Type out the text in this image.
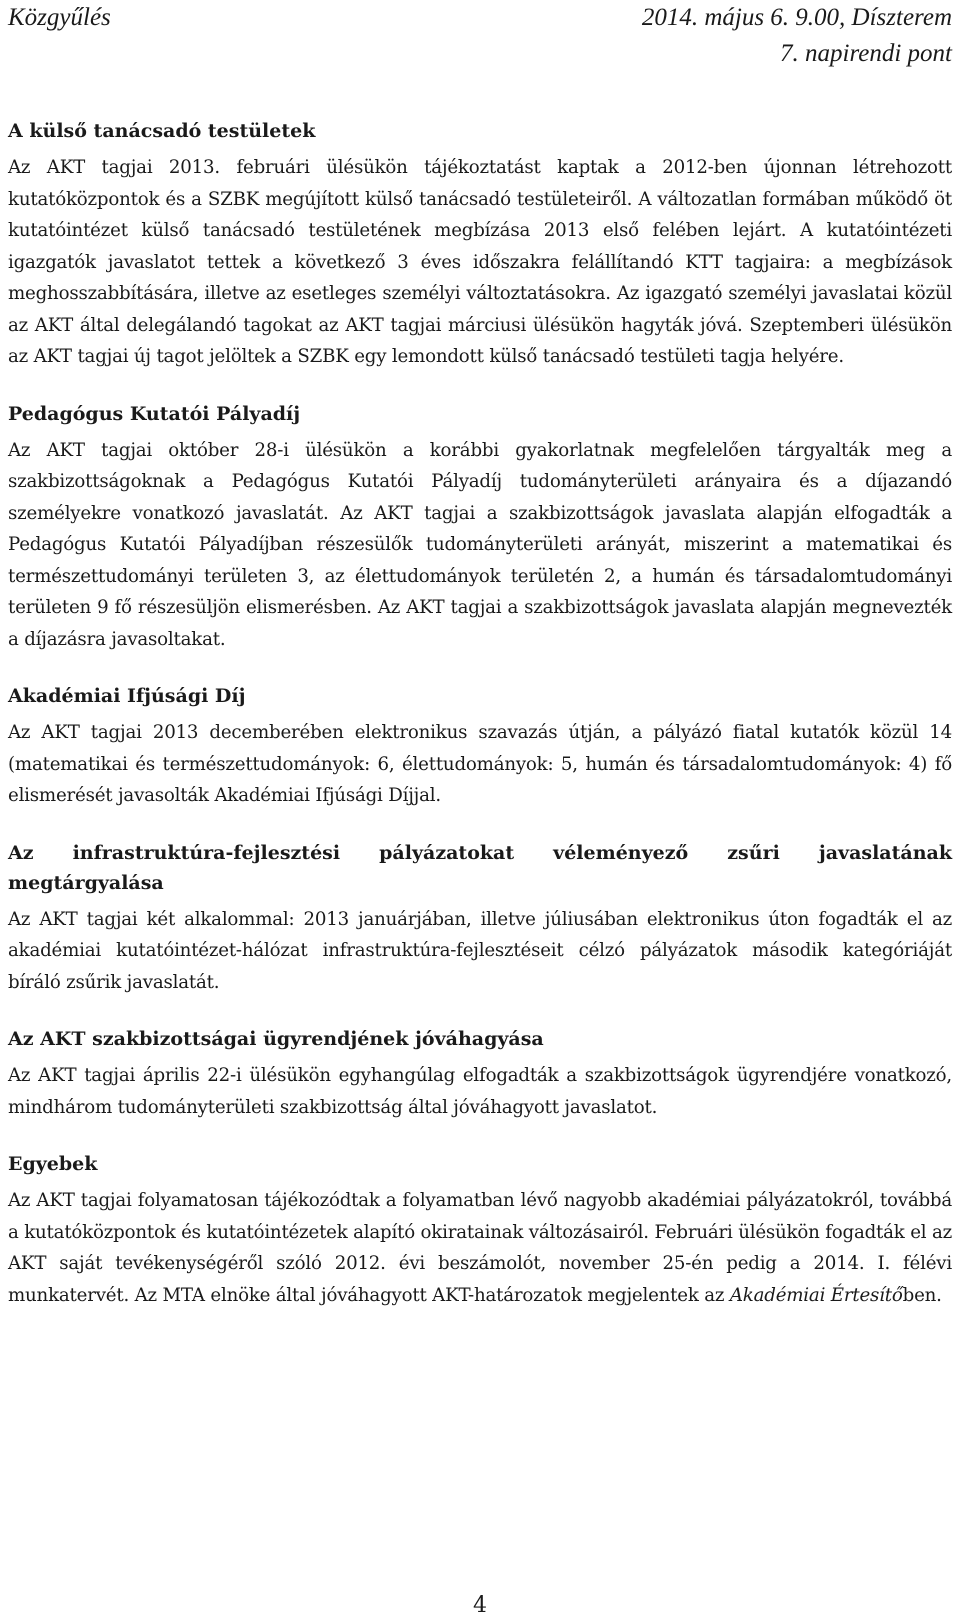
Közgyűlés	2014. május 6. 9.00, Díszterem
7. napirendi pont
A külső tanácsadó testületek

Az AKT tagjai 2013. februári ülésükön tájékoztatást kaptak a 2012-ben újonnan létrehozott kutatóközpontok és a SZBK megújított külső tanácsadó testületeiről. A változatlan formában működő öt kutatóintézet külső tanácsadó testületének megbízása 2013 első felében lejárt. A kutatóintézeti igazgatók javaslatot tettek a következő 3 éves időszakra felállítandó KTT tagjaira: a megbízások meghosszabbítására, illetve az esetleges személyi változtatásokra. Az igazgató személyi javaslatai közül az AKT által delegálandó tagokat az AKT tagjai márciusi ülésükön hagyták jóvá. Szeptemberi ülésükön az AKT tagjai új tagot jelöltek a SZBK egy lemondott külső tanácsadó testületi tagja helyére.

Pedagógus Kutatói Pályadíj

Az AKT tagjai október 28-i ülésükön a korábbi gyakorlatnak megfelelően tárgyalták meg a szakbizottságoknak a Pedagógus Kutatói Pályadíj tudományterületi arányaira és a díjazandó személyekre vonatkozó javaslatát. Az AKT tagjai a szakbizottságok javaslata alapján elfogadták a Pedagógus Kutatói Pályadíjban részesülők tudományterületi arányát, miszerint a matematikai és természettudományi területen 3, az élettudományok területén 2, a humán és társadalomtudományi területen 9 fő részesüljön elismerésben. Az AKT tagjai a szakbizottságok javaslata alapján megnevezték a díjazásra javasoltakat.

Akadémiai Ifjúsági Díj

Az AKT tagjai 2013 decemberében elektronikus szavazás útján, a pályázó fiatal kutatók közül 14 (matematikai és természettudományok: 6, élettudományok: 5, humán és társadalomtudományok: 4) fő elismerését javasolták Akadémiai Ifjúsági Díjjal.

Az infrastruktúra-fejlesztési pályázatokat véleményező zsűri javaslatának megtárgyalása

Az AKT tagjai két alkalommal: 2013 januárjában, illetve júliusában elektronikus úton fogadták el az akadémiai kutatóintézet-hálózat infrastruktúra-fejlesztéseit célzó pályázatok második kategóriáját bíráló zsűrik javaslatát.

Az AKT szakbizottságai ügyrendjének jóváhagyása

Az AKT tagjai április 22-i ülésükön egyhangúlag elfogadták a szakbizottságok ügyrendjére vonatkozó, mindhárom tudományterületi szakbizottság által jóváhagyott javaslatot.

Egyebek

Az AKT tagjai folyamatosan tájékozódtak a folyamatban lévő nagyobb akadémiai pályázatokról, továbbá a kutatóközpontok és kutatóintézetek alapító okiratainak változásairól. Februári ülésükön fogadták el az AKT saját tevékenységéről szóló 2012. évi beszámolót, november 25-én pedig a 2014. I. félévi munkatervét. Az MTA elnöke által jóváhagyott AKT-határozatok megjelentek az Akadémiai Értesítőben.

4
